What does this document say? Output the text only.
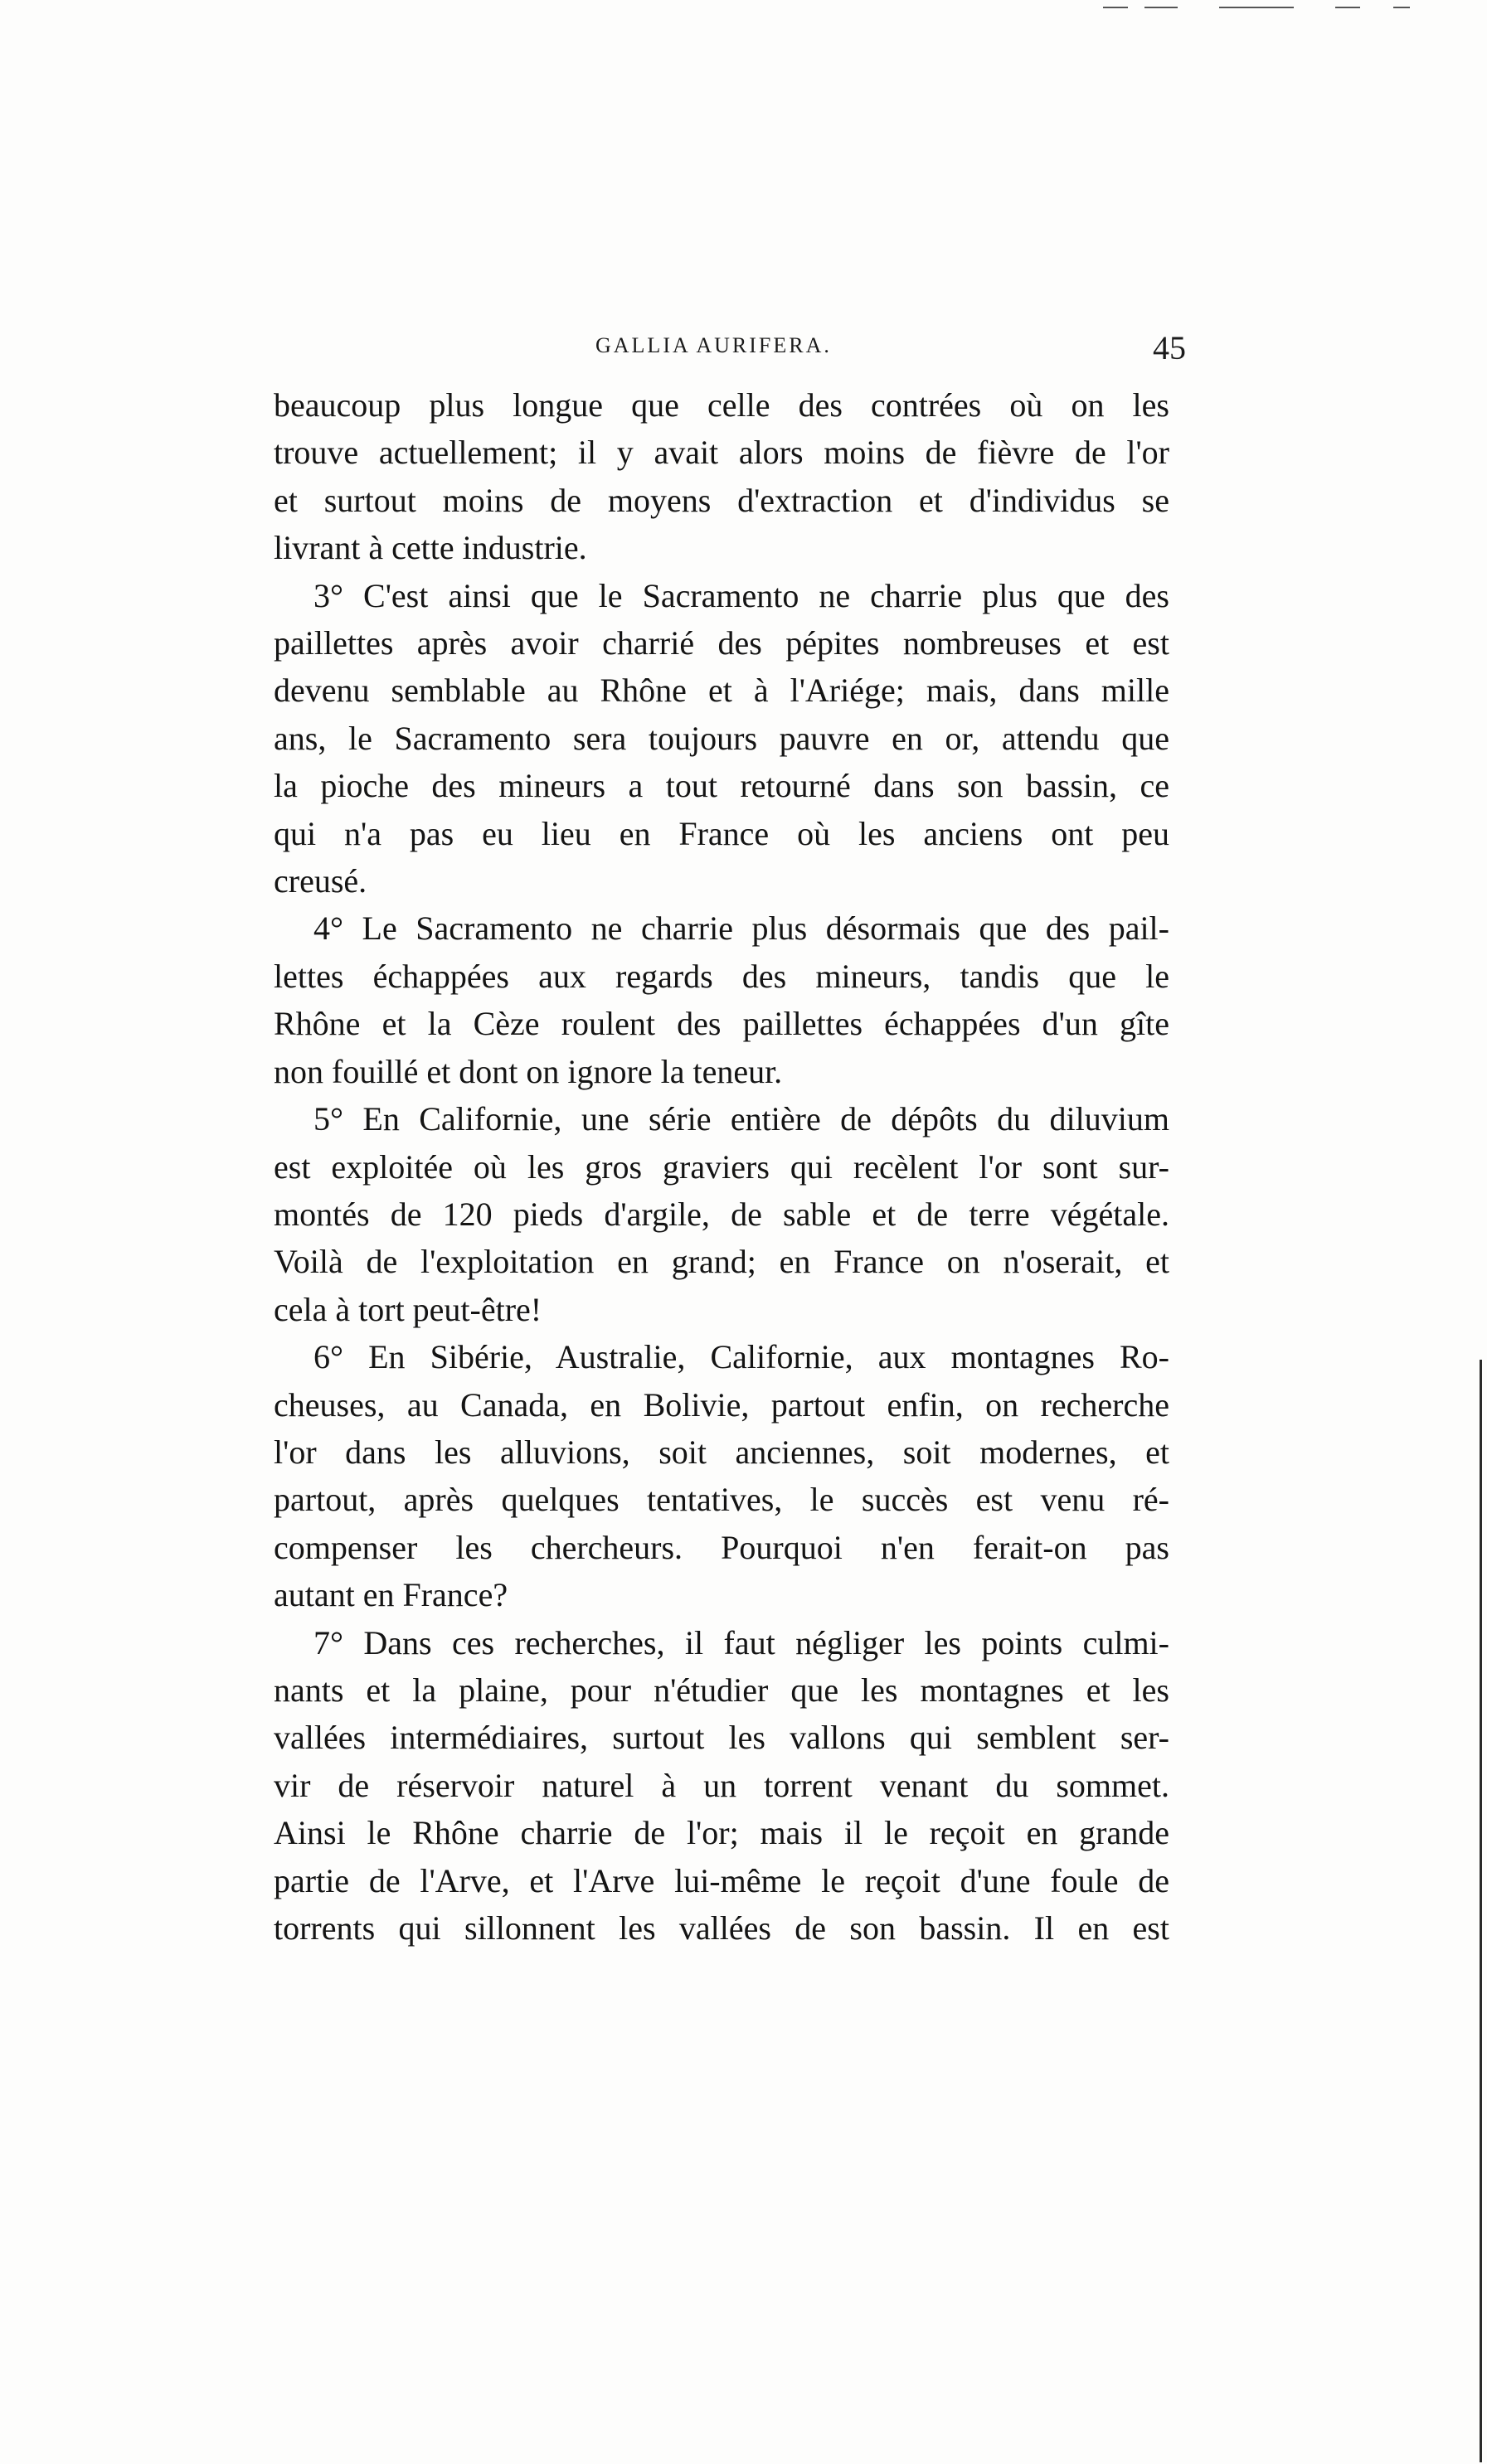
GALLIA AURIFERA.	45

beaucoup plus longue que celle des contrées où on les

trouve actuellement; il y avait alors moins de fièvre de l'or

et surtout moins de moyens d'extraction et d'individus se

livrant à cette industrie.

3° C'est ainsi que le Sacramento ne charrie plus que des

paillettes après avoir charrié des pépites nombreuses et est

devenu semblable au Rhône et à l'Ariége; mais, dans mille

ans, le Sacramento sera toujours pauvre en or, attendu que

la pioche des mineurs a tout retourné dans son bassin, ce

qui n'a pas eu lieu en France où les anciens ont peu

creusé.

4° Le Sacramento ne charrie plus désormais que des pail-

lettes échappées aux regards des mineurs, tandis que le

Rhône et la Cèze roulent des paillettes échappées d'un gîte

non fouillé et dont on ignore la teneur.

5° En Californie, une série entière de dépôts du diluvium

est exploitée où les gros graviers qui recèlent l'or sont sur-

montés de 120 pieds d'argile, de sable et de terre végétale.

Voilà de l'exploitation en grand; en France on n'oserait, et

cela à tort peut-être!

6° En Sibérie, Australie, Californie, aux montagnes Ro-

cheuses, au Canada, en Bolivie, partout enfin, on recherche

l'or dans les alluvions, soit anciennes, soit modernes, et

partout, après quelques tentatives, le succès est venu ré-

compenser les chercheurs. Pourquoi n'en ferait-on pas

autant en France?

7° Dans ces recherches, il faut négliger les points culmi-

nants et la plaine, pour n'étudier que les montagnes et les

vallées intermédiaires, surtout les vallons qui semblent ser-

vir de réservoir naturel à un torrent venant du sommet.

Ainsi le Rhône charrie de l'or; mais il le reçoit en grande

partie de l'Arve, et l'Arve lui-même le reçoit d'une foule de

torrents qui sillonnent les vallées de son bassin. Il en est
